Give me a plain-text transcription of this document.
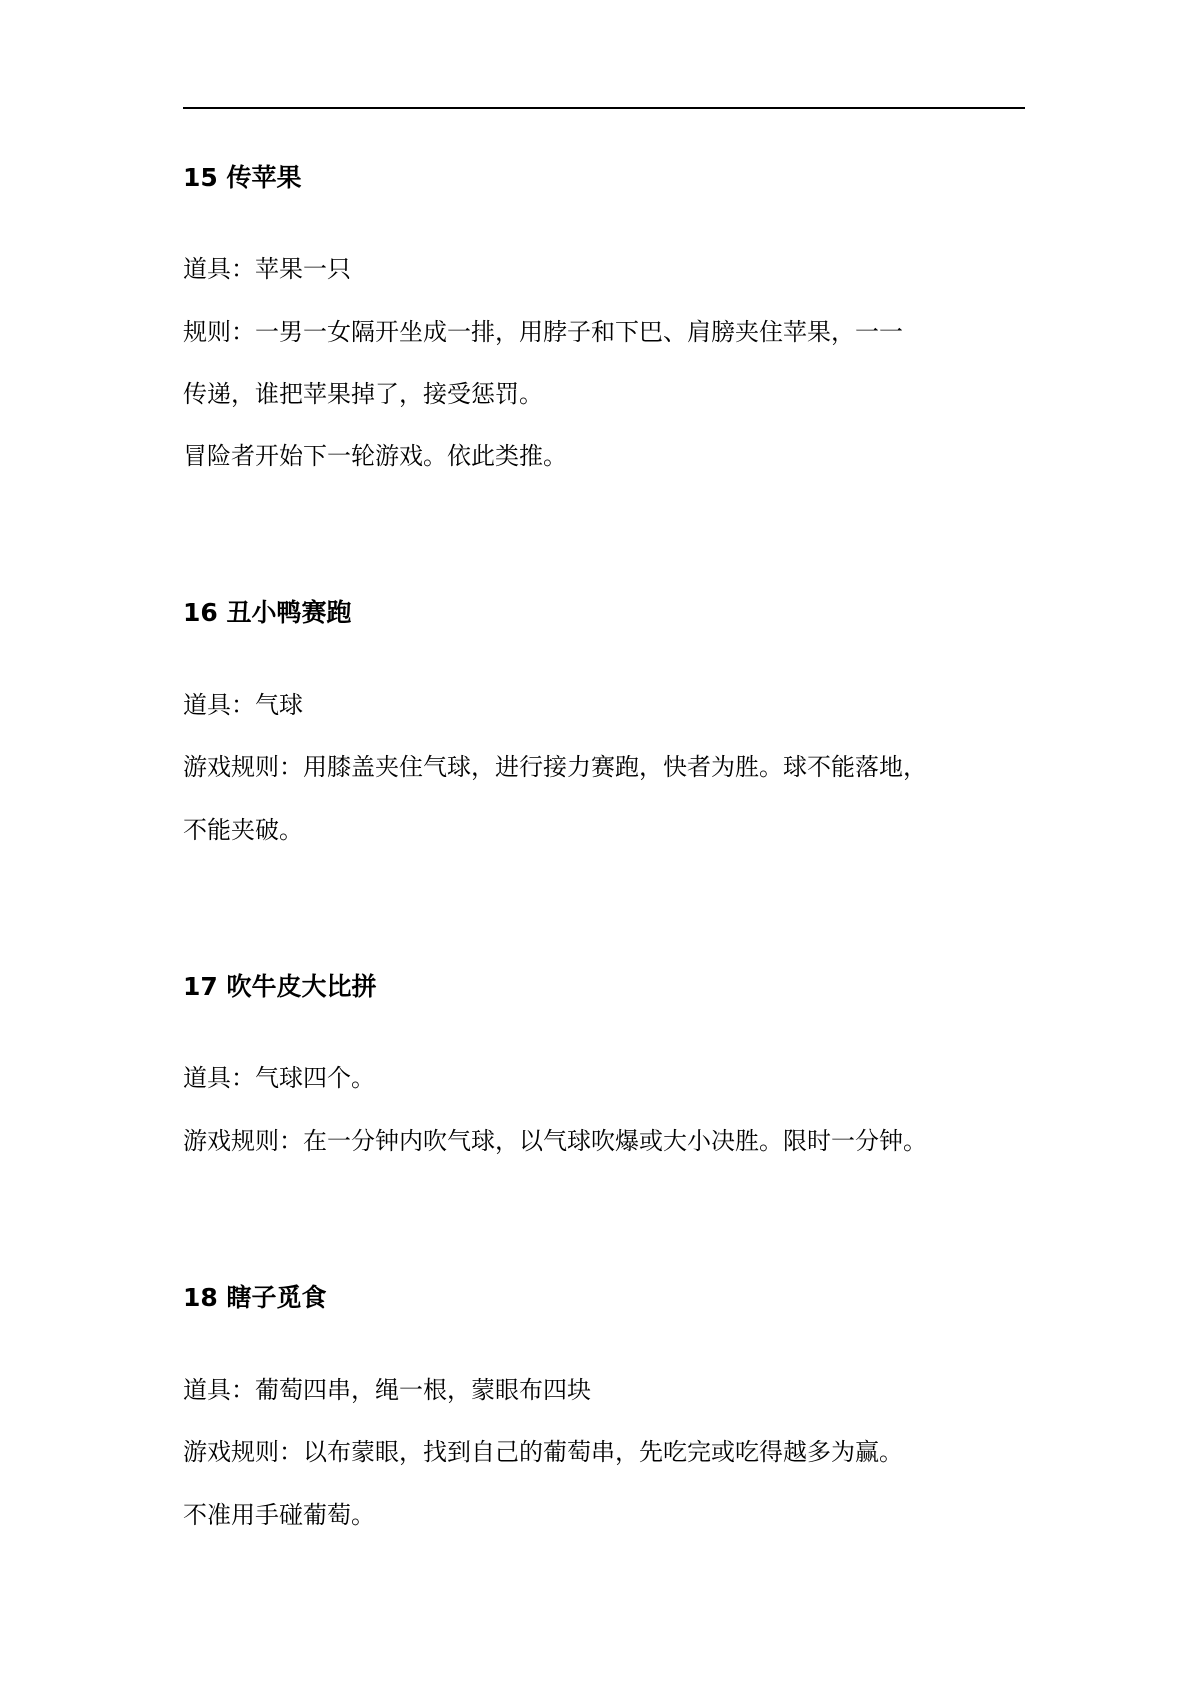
15 传苹果
道具：苹果一只
规则：一男一女隔开坐成一排，用脖子和下巴、肩膀夹住苹果，一一
传递，谁把苹果掉了，接受惩罚。
冒险者开始下一轮游戏。依此类推。
16 丑小鸭赛跑
道具：气球
游戏规则：用膝盖夹住气球，进行接力赛跑，快者为胜。球不能落地，
不能夹破。
17 吹牛皮大比拼
道具：气球四个。
游戏规则：在一分钟内吹气球，以气球吹爆或大小决胜。限时一分钟。
18 瞎子觅食
道具：葡萄四串，绳一根，蒙眼布四块
游戏规则：以布蒙眼，找到自己的葡萄串，先吃完或吃得越多为赢。
不准用手碰葡萄。
